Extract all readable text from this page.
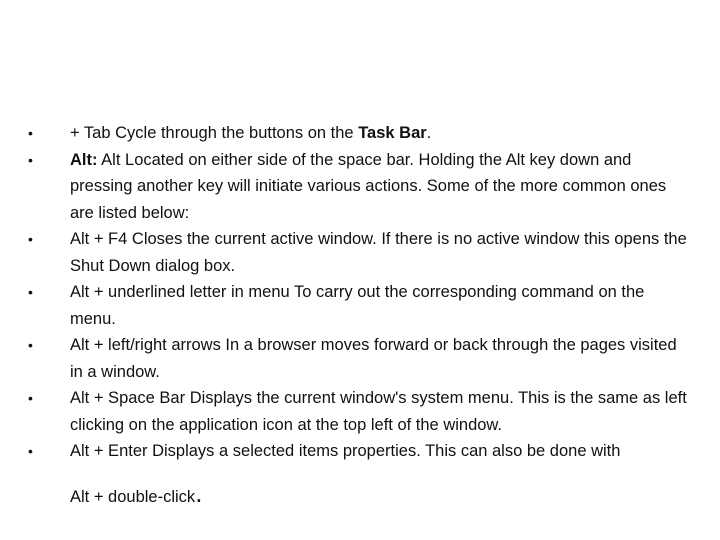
•	+ Tab Cycle through the buttons on the Task Bar.
•	Alt: Alt Located on either side of the space bar. Holding the Alt key down and pressing another key will initiate various actions. Some of the more common ones are listed below:
•	Alt + F4 Closes the current active window. If there is no active window this opens the Shut Down dialog box.
•	Alt + underlined letter in menu To carry out the corresponding command on the menu.
•	Alt + left/right arrows In a browser moves forward or back through the pages visited in a window.
•	Alt + Space Bar Displays the current window's system menu. This is the same as left clicking on the application icon at the top left of the window.
•	Alt + Enter Displays a selected items properties. This can also be done with

Alt + double-click.
